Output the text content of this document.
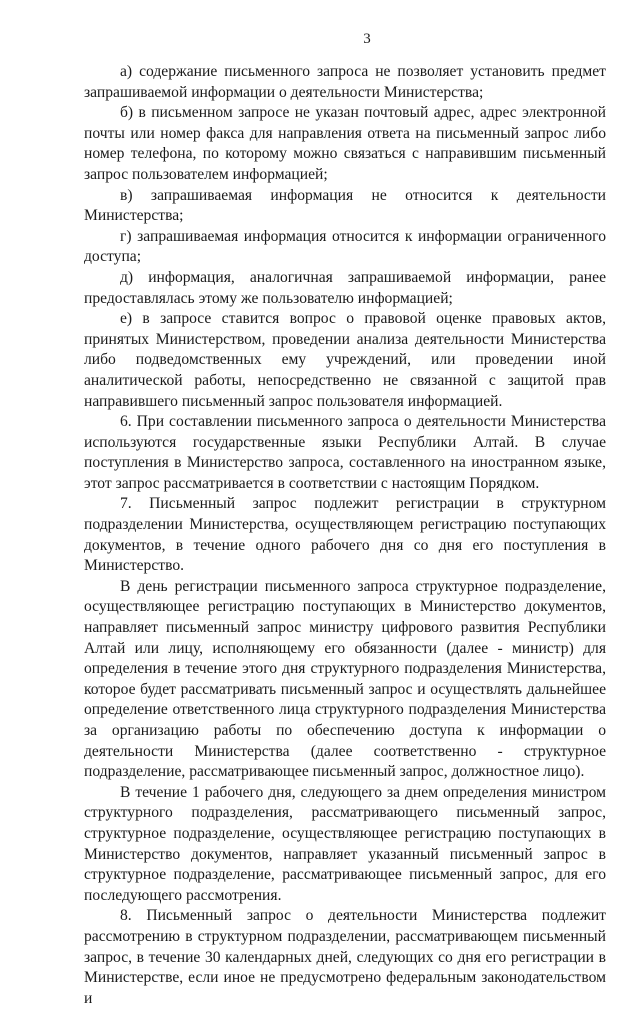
3

а) содержание письменного запроса не позволяет установить предмет запрашиваемой информации о деятельности Министерства;

б) в письменном запросе не указан почтовый адрес, адрес электронной почты или номер факса для направления ответа на письменный запрос либо номер телефона, по которому можно связаться с направившим письменный запрос пользователем информацией;

в) запрашиваемая информация не относится к деятельности Министерства;

г) запрашиваемая информация относится к информации ограниченного доступа;

д) информация, аналогичная запрашиваемой информации, ранее предоставлялась этому же пользователю информацией;

е) в запросе ставится вопрос о правовой оценке правовых актов, принятых Министерством, проведении анализа деятельности Министерства либо подведомственных ему учреждений, или проведении иной аналитической работы, непосредственно не связанной с защитой прав направившего письменный запрос пользователя информацией.

6. При составлении письменного запроса о деятельности Министерства используются государственные языки Республики Алтай. В случае поступления в Министерство запроса, составленного на иностранном языке, этот запрос рассматривается в соответствии с настоящим Порядком.

7. Письменный запрос подлежит регистрации в структурном подразделении Министерства, осуществляющем регистрацию поступающих документов, в течение одного рабочего дня со дня его поступления в Министерство.

В день регистрации письменного запроса структурное подразделение, осуществляющее регистрацию поступающих в Министерство документов, направляет письменный запрос министру цифрового развития Республики Алтай или лицу, исполняющему его обязанности (далее - министр) для определения в течение этого дня структурного подразделения Министерства, которое будет рассматривать письменный запрос и осуществлять дальнейшее определение ответственного лица структурного подразделения Министерства за организацию работы по обеспечению доступа к информации о деятельности Министерства (далее соответственно - структурное подразделение, рассматривающее письменный запрос, должностное лицо).

В течение 1 рабочего дня, следующего за днем определения министром структурного подразделения, рассматривающего письменный запрос, структурное подразделение, осуществляющее регистрацию поступающих в Министерство документов, направляет указанный письменный запрос в структурное подразделение, рассматривающее письменный запрос, для его последующего рассмотрения.

8. Письменный запрос о деятельности Министерства подлежит рассмотрению в структурном подразделении, рассматривающем письменный запрос, в течение 30 календарных дней, следующих со дня его регистрации в Министерстве, если иное не предусмотрено федеральным законодательством и
